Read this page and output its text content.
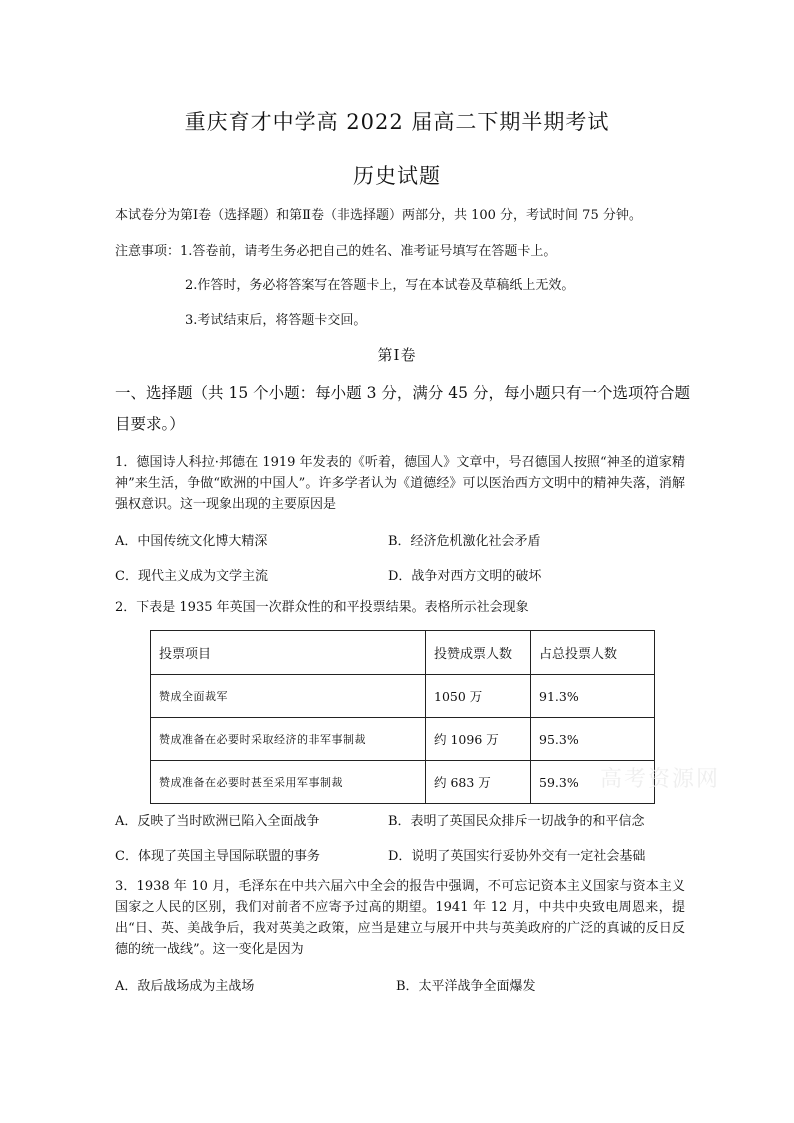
重庆育才中学高 2022 届高二下期半期考试
历史试题
本试卷分为第Ⅰ卷（选择题）和第Ⅱ卷（非选择题）两部分，共 100 分，考试时间 75 分钟。
注意事项：1.答卷前，请考生务必把自己的姓名、准考证号填写在答题卡上。
2.作答时，务必将答案写在答题卡上，写在本试卷及草稿纸上无效。
3.考试结束后，将答题卡交回。
第Ⅰ卷
一、选择题（共 15 个小题：每小题 3 分，满分 45 分，每小题只有一个选项符合题目要求。）
1．德国诗人科拉·邦德在 1919 年发表的《听着，德国人》文章中，号召德国人按照“神圣的道家精神”来生活，争做“欧洲的中国人”。许多学者认为《道德经》可以医治西方文明中的精神失落，消解强权意识。这一现象出现的主要原因是
A．中国传统文化博大精深	B．经济危机激化社会矛盾
C．现代主义成为文学主流	D．战争对西方文明的破坏
2．下表是 1935 年英国一次群众性的和平投票结果。表格所示社会现象
投票项目	投赞成票人数	占总投票人数
赞成全面裁军	1050 万	91.3%
赞成准备在必要时采取经济的非军事制裁	约 1096 万	95.3%
赞成准备在必要时甚至采用军事制裁	约 683 万	59.3% 高考资源网
A．反映了当时欧洲已陷入全面战争	B．表明了英国民众排斥一切战争的和平信念
C．体现了英国主导国际联盟的事务	D．说明了英国实行妥协外交有一定社会基础
3．1938 年 10 月，毛泽东在中共六届六中全会的报告中强调，不可忘记资本主义国家与资本主义国家之人民的区别，我们对前者不应寄予过高的期望。1941 年 12 月，中共中央致电周恩来，提出“日、英、美战争后，我对英美之政策，应当是建立与展开中共与英美政府的广泛的真诚的反日反德的统一战线”。这一变化是因为
A．敌后战场成为主战场	B．太平洋战争全面爆发
